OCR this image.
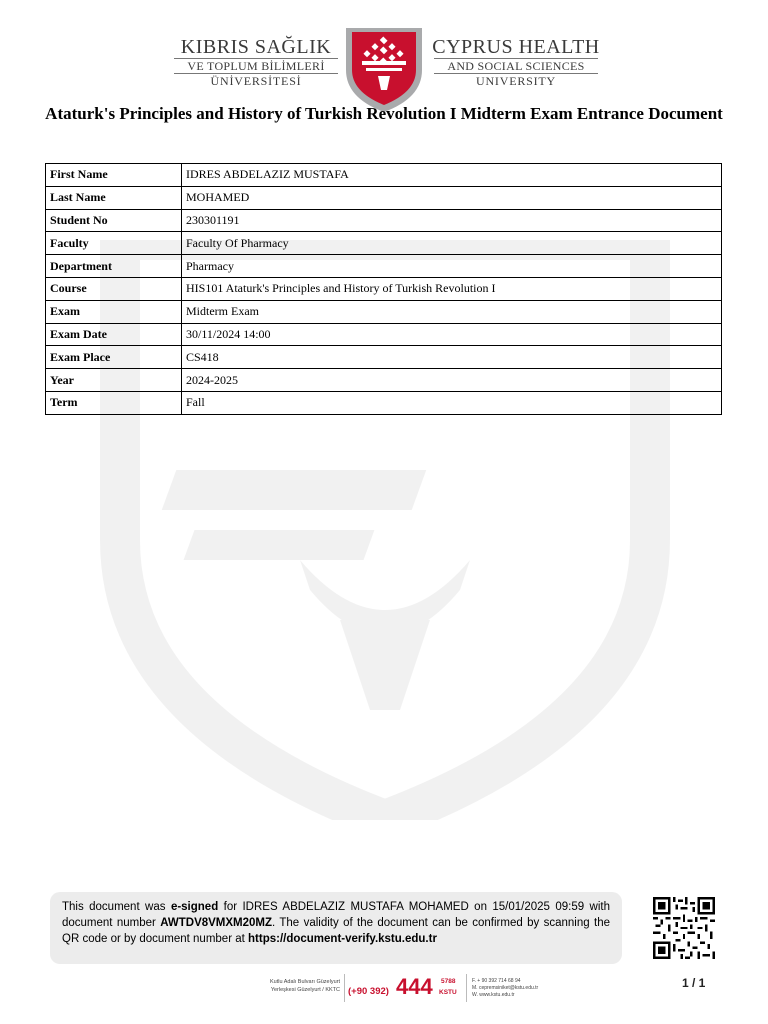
KIBRIS SAĞLIK
VE TOPLUM BİLİMLERİ
ÜNİVERSİTESİ
CYPRUS HEALTH
AND SOCIAL SCIENCES
UNIVERSITY
Ataturk's Principles and History of Turkish Revolution I Midterm Exam Entrance Document
First Name	IDRES ABDELAZIZ MUSTAFA
Last Name	MOHAMED
Student No	230301191
Faculty	Faculty Of Pharmacy
Department	Pharmacy
Course	HIS101 Ataturk's Principles and History of Turkish Revolution I
Exam	Midterm Exam
Exam Date	30/11/2024 14:00
Exam Place	CS418
Year	2024-2025
Term	Fall
This document was e-signed for IDRES ABDELAZIZ MUSTAFA MOHAMED on 15/01/2025 09:59 with document number AWTDV8VMXM20MZ. The validity of the document can be confirmed by scanning the QR code or by document number at https://document-verify.kstu.edu.tr
Kutlu Adalı Bulvarı Güzelyurt
Yerleşkesi Güzelyurt / KKTC (+90 392) 444 5788
KSTU
F. + 90 392 714 68 94
M. cepremsiniket@kstu.edu.tr
W. www.kstu.edu.tr
1 / 1
